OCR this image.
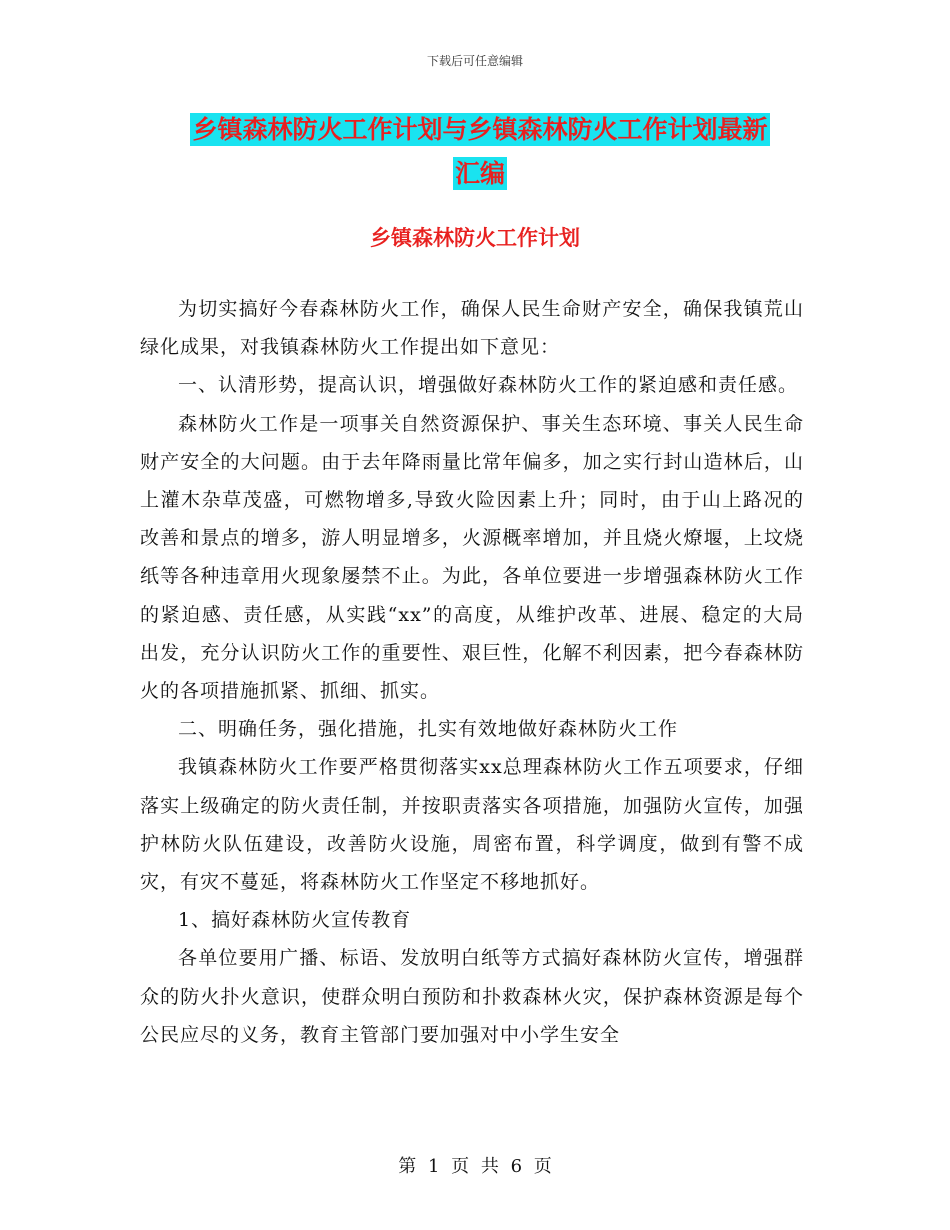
下载后可任意编辑
乡镇森林防火工作计划与乡镇森林防火工作计划最新
汇编
乡镇森林防火工作计划

为切实搞好今春森林防火工作，确保人民生命财产安全，确保我镇荒山绿化成果，对我镇森林防火工作提出如下意见：

一、认清形势，提高认识，增强做好森林防火工作的紧迫感和责任感。

森林防火工作是一项事关自然资源保护、事关生态环境、事关人民生命财产安全的大问题。由于去年降雨量比常年偏多，加之实行封山造林后，山上灌木杂草茂盛，可燃物增多,导致火险因素上升；同时，由于山上路况的改善和景点的增多，游人明显增多，火源概率增加，并且烧火燎堰，上坟烧纸等各种违章用火现象屡禁不止。为此，各单位要进一步增强森林防火工作的紧迫感、责任感，从实践“xx”的高度，从维护改革、进展、稳定的大局出发，充分认识防火工作的重要性、艰巨性，化解不利因素，把今春森林防火的各项措施抓紧、抓细、抓实。

二、明确任务，强化措施，扎实有效地做好森林防火工作

我镇森林防火工作要严格贯彻落实xx总理森林防火工作五项要求，仔细落实上级确定的防火责任制，并按职责落实各项措施，加强防火宣传，加强护林防火队伍建设，改善防火设施，周密布置，科学调度，做到有警不成灾，有灾不蔓延，将森林防火工作坚定不移地抓好。

1、搞好森林防火宣传教育

各单位要用广播、标语、发放明白纸等方式搞好森林防火宣传，增强群众的防火扑火意识，使群众明白预防和扑救森林火灾，保护森林资源是每个公民应尽的义务，教育主管部门要加强对中小学生安全

第 1 页 共 6 页
